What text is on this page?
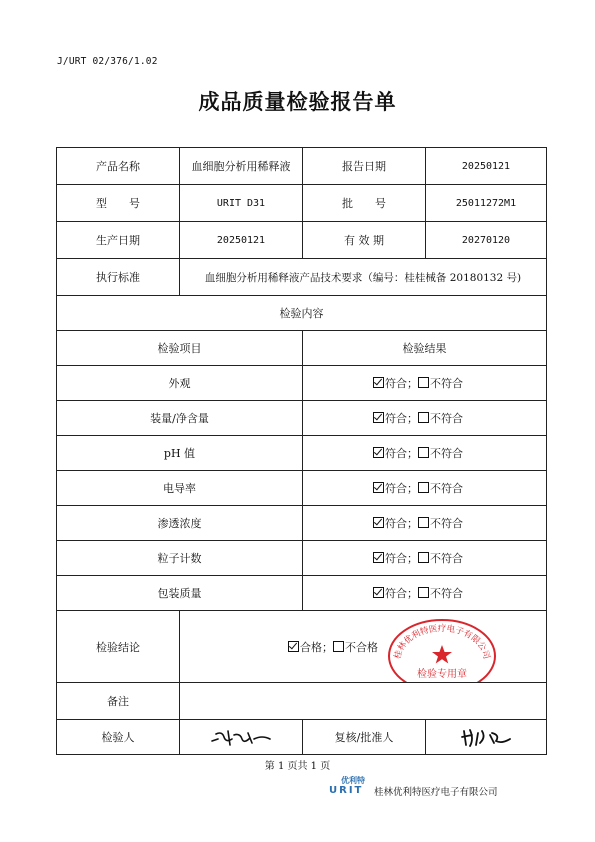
J/URT 02/376/1.02
成品质量检验报告单
产品名称	血细胞分析用稀释液	报告日期	20250121
型　　号	URIT D31	批　　号	25011272M1
生产日期	20250121	有 效 期	20270120
执行标准	血细胞分析用稀释液产品技术要求（编号：桂桂械备 20180132 号)		
检验内容			
检验项目		检验结果	
外观		符合； 不符合	
装量/净含量		符合； 不符合	
pH 值		符合； 不符合	
电导率		符合； 不符合	
渗透浓度		符合； 不符合	
粒子计数		符合； 不符合	
包装质量		符合； 不符合	
检验结论	合格； 不合格
桂林优利特医疗电子有限公司
检验专用章		

备注			
检验人		复核/批准人	
第 1 页共 1 页
优利特
URIT 桂林优利特医疗电子有限公司
